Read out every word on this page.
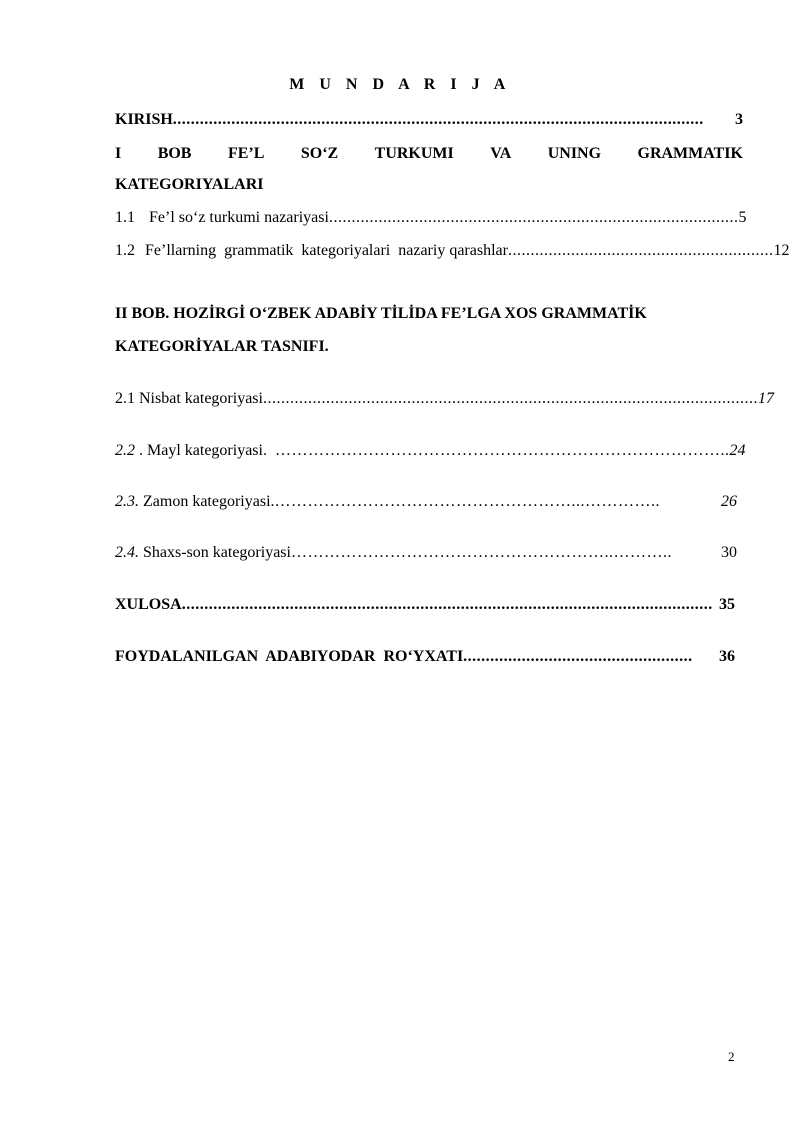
M U N D A R I J A
KIRISH ......................................................................................................................	3
I BOB FE’L SO‘Z TURKUMI VA UNING GRAMMATIK
KATEGORIYALARI
1.1 Fe’l so‘z turkumi nazariyasi ........................................................................................... 5
1.2 Fe’llarning  grammatik  kategoriyalari  nazariy qarashlar ........................................................... 12
II BOB. HOZİRGİ O‘ZBEK ADABİY TİLİDA FE’LGA XOS GRAMMATİK
KATEGORİYALAR TASNIFI.
2.1 Nisbat kategoriyasi .............................................................................................................. 17
2.2 . Mayl kategoriyasi. ……………………………………………………………………….. 24
2.3. Zamon kategoriyasi. ………………………………………………...…………..	26
2.4. Shaxs-son kategoriyasi …………………………………………………..………..	30
XULOSA ...................................................................................................................... 35
FOYDALANILGAN  ADABIYODAR  RO‘YXATI ...................................................	36
2
